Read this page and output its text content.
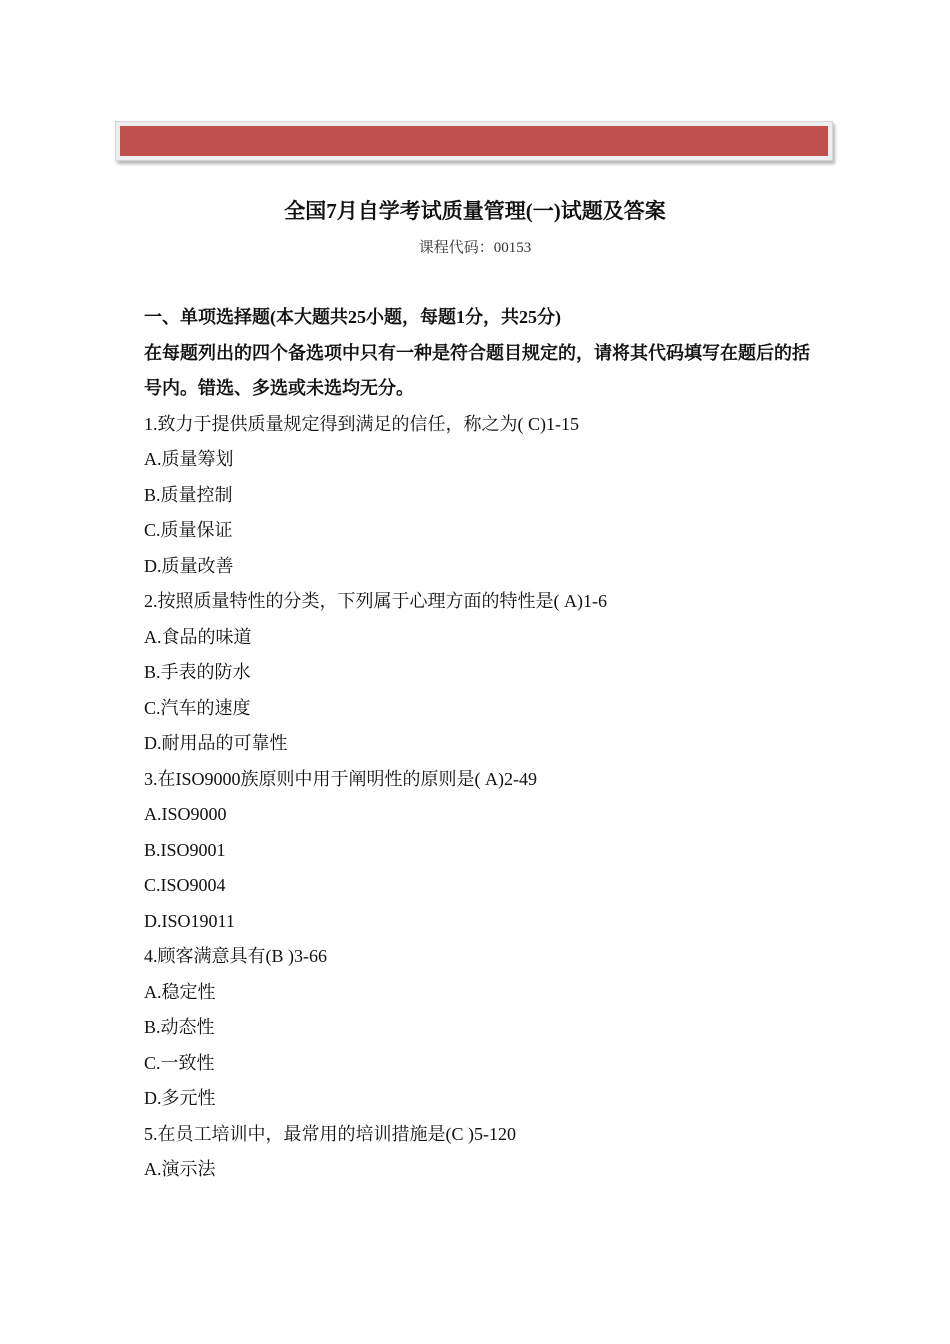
全国7月自学考试质量管理(一)试题及答案
课程代码：00153
一、单项选择题(本大题共25小题，每题1分，共25分)
在每题列出的四个备选项中只有一种是符合题目规定的，请将其代码填写在题后的括号内。错选、多选或未选均无分。
1.致力于提供质量规定得到满足的信任，称之为( C)1-15
A.质量筹划
B.质量控制
C.质量保证
D.质量改善
2.按照质量特性的分类，下列属于心理方面的特性是( A)1-6
A.食品的味道
B.手表的防水
C.汽车的速度
D.耐用品的可靠性
3.在ISO9000族原则中用于阐明性的原则是( A)2-49
A.ISO9000
B.ISO9001
C.ISO9004
D.ISO19011
4.顾客满意具有(B )3-66
A.稳定性
B.动态性
C.一致性
D.多元性
5.在员工培训中，最常用的培训措施是(C )5-120
A.演示法
